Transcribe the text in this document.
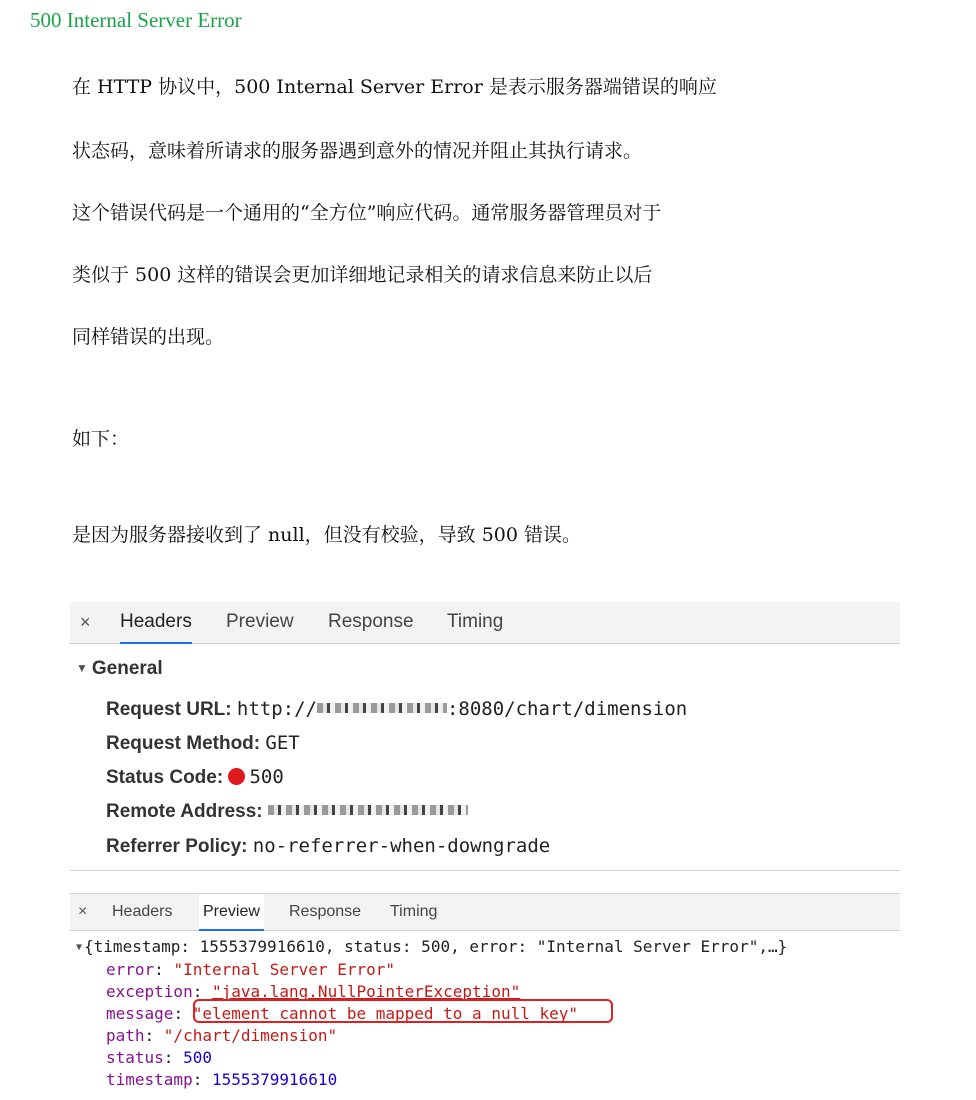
500 Internal Server Error
在 HTTP 协议中，500 Internal Server Error 是表示服务器端错误的响应
状态码，意味着所请求的服务器遇到意外的情况并阻止其执行请求。
这个错误代码是一个通用的“全方位”响应代码。通常服务器管理员对于
类似于 500 这样的错误会更加详细地记录相关的请求信息来防止以后
同样错误的出现。
如下：
是因为服务器接收到了 null，但没有校验，导致 500 错误。
× Headers Preview Response Timing
▼ General
Request URL: http://	:8080/chart/dimension
Request Method: GET
Status Code: 500
Remote Address:
Referrer Policy: no-referrer-when-downgrade
× Headers Preview Response Timing
▼ {timestamp: 1555379916610, status: 500, error: "Internal Server Error",…}
error: "Internal Server Error"
exception: "java.lang.NullPointerException"
message: "element cannot be mapped to a null key"
path: "/chart/dimension"
status: 500
timestamp: 1555379916610
